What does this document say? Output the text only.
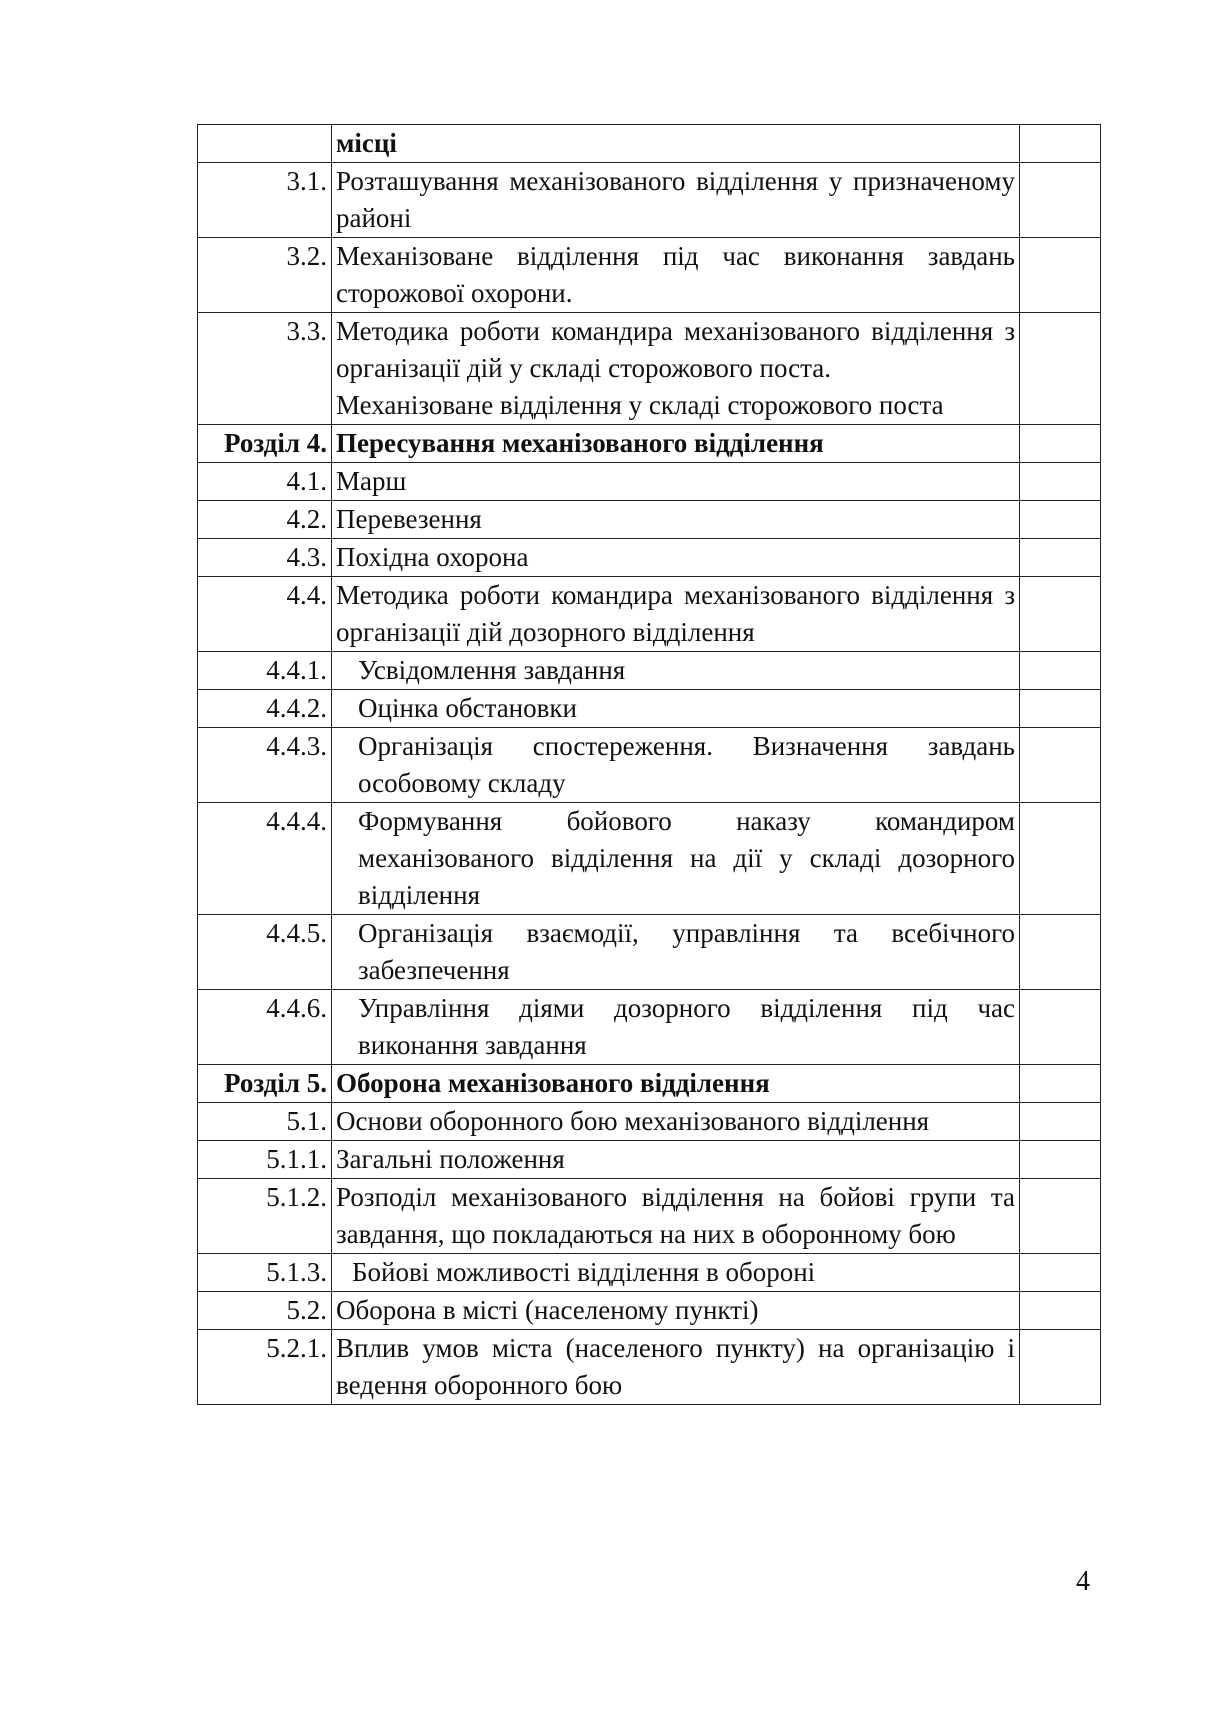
	місці	

3.1.	Розташування механізованого відділення у призначеному районі	

3.2.	Механізоване відділення під час виконання завдань сторожової охорони.	

3.3.	Методика роботи командира механізованого відділення з організації дій у складі сторожового поста.
Механізоване відділення у складі сторожового поста	

Розділ 4.	Пересування механізованого відділення	

4.1.	Марш	

4.2.	Перевезення	

4.3.	Похідна охорона	

4.4.	Методика роботи командира механізованого відділення з організації дій дозорного відділення	

4.4.1.	Усвідомлення завдання	

4.4.2.	Оцінка обстановки	

4.4.3.	Організація спостереження. Визначення завдань особовому складу	

4.4.4.	Формування бойового наказу командиром механізованого відділення на дії у складі дозорного відділення	

4.4.5.	Організація взаємодії, управління та всебічного забезпечення	

4.4.6.	Управління діями дозорного відділення під час виконання завдання	

Розділ 5.	Оборона механізованого відділення	

5.1.	Основи оборонного бою механізованого відділення	

5.1.1.	Загальні положення	

5.1.2.	Розподіл механізованого відділення на бойові групи та завдання, що покладаються на них в оборонному бою	

5.1.3.	Бойові можливості відділення в обороні	

5.2.	Оборона в місті (населеному пункті)	

5.2.1.	Вплив умов міста (населеного пункту) на організацію і ведення оборонного бою	

4
